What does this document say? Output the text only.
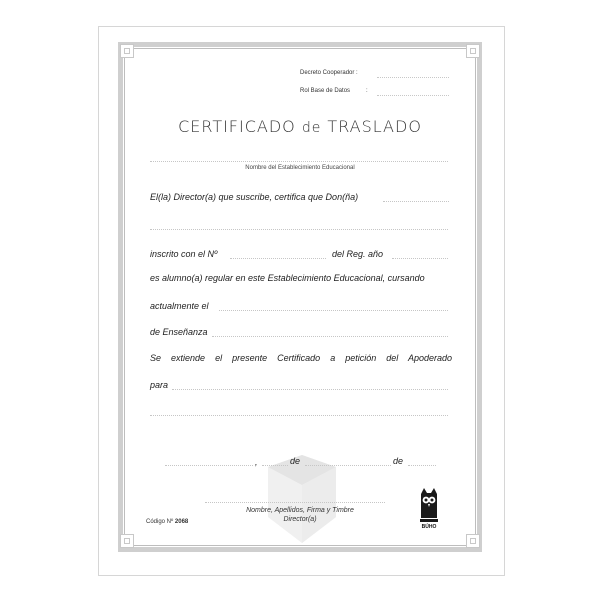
Decreto Cooperador :
Rol Base de Datos	:
CERTIFICADO de TRASLADO
Nombre del Establecimiento Educacional
El(la) Director(a) que suscribe, certifica que Don(ña)
inscrito con el Nº	del Reg. año
es alumno(a) regular en este Establecimiento Educacional, cursando
actualmente el
de Enseñanza
Se extiende el presente Certificado a petición del Apoderado
para
,	de	de
Nombre, Apellidos, Firma y Timbre
Director(a)
Código Nº 2068
BÚHO
